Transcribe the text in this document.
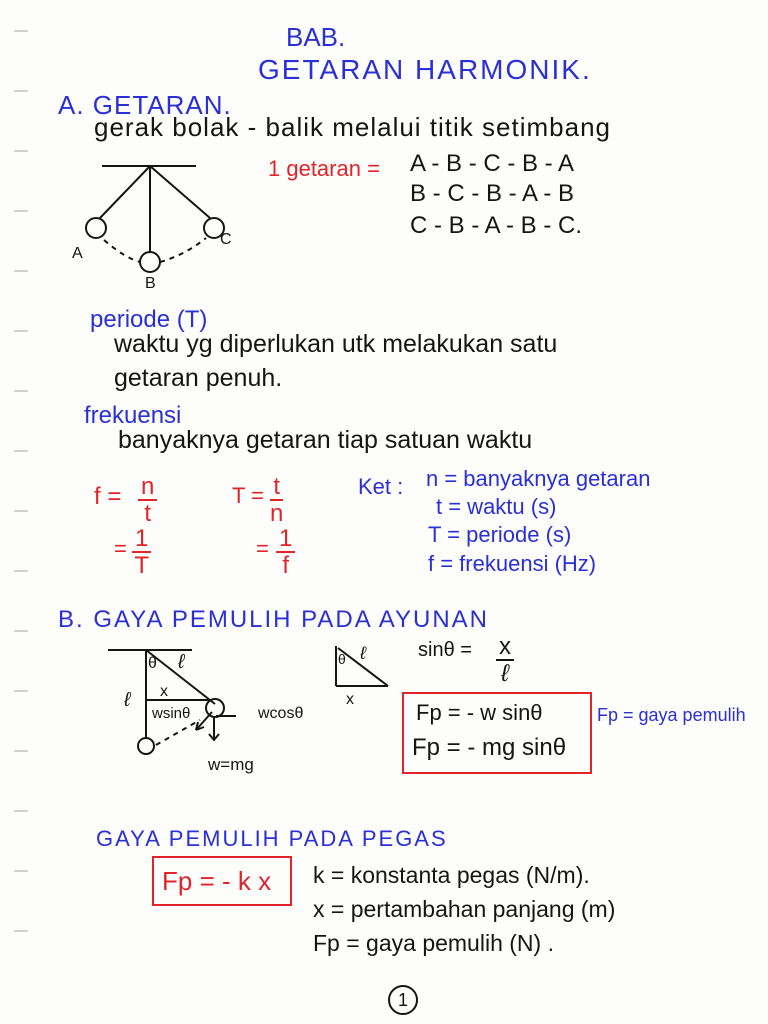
BAB.
GETARAN HARMONIK.
A. GETARAN.
gerak bolak - balik melalui titik setimbang
A
B
C
1 getaran = A - B - C - B - A
B - C - B - A - B
C - B - A - B - C.
periode (T)
waktu yg diperlukan utk melakukan satu
getaran penuh.
frekuensi
banyaknya getaran tiap satuan waktu
$f = \frac{n}{t}$
= $\frac{1}{T}$
$T = \frac{t}{n}$
= $\frac{1}{f}$
Ket : n = banyaknya getaran
t = waktu (s)
T = periode (s)
f = frekuensi (Hz)
B. GAYA PEMULIH PADA AYUNAN
θ ℓ
ℓ x
wsinθ	wcosθ
w=mg
θ ℓ
x
sinθ = x
ℓ
Fp = - w sinθ
Fp = - mg sinθ
Fp = gaya pemulih
GAYA PEMULIH PADA PEGAS
Fp = - k x k = konstanta pegas (N/m).
x = pertambahan panjang (m)
Fp = gaya pemulih (N) .
1
